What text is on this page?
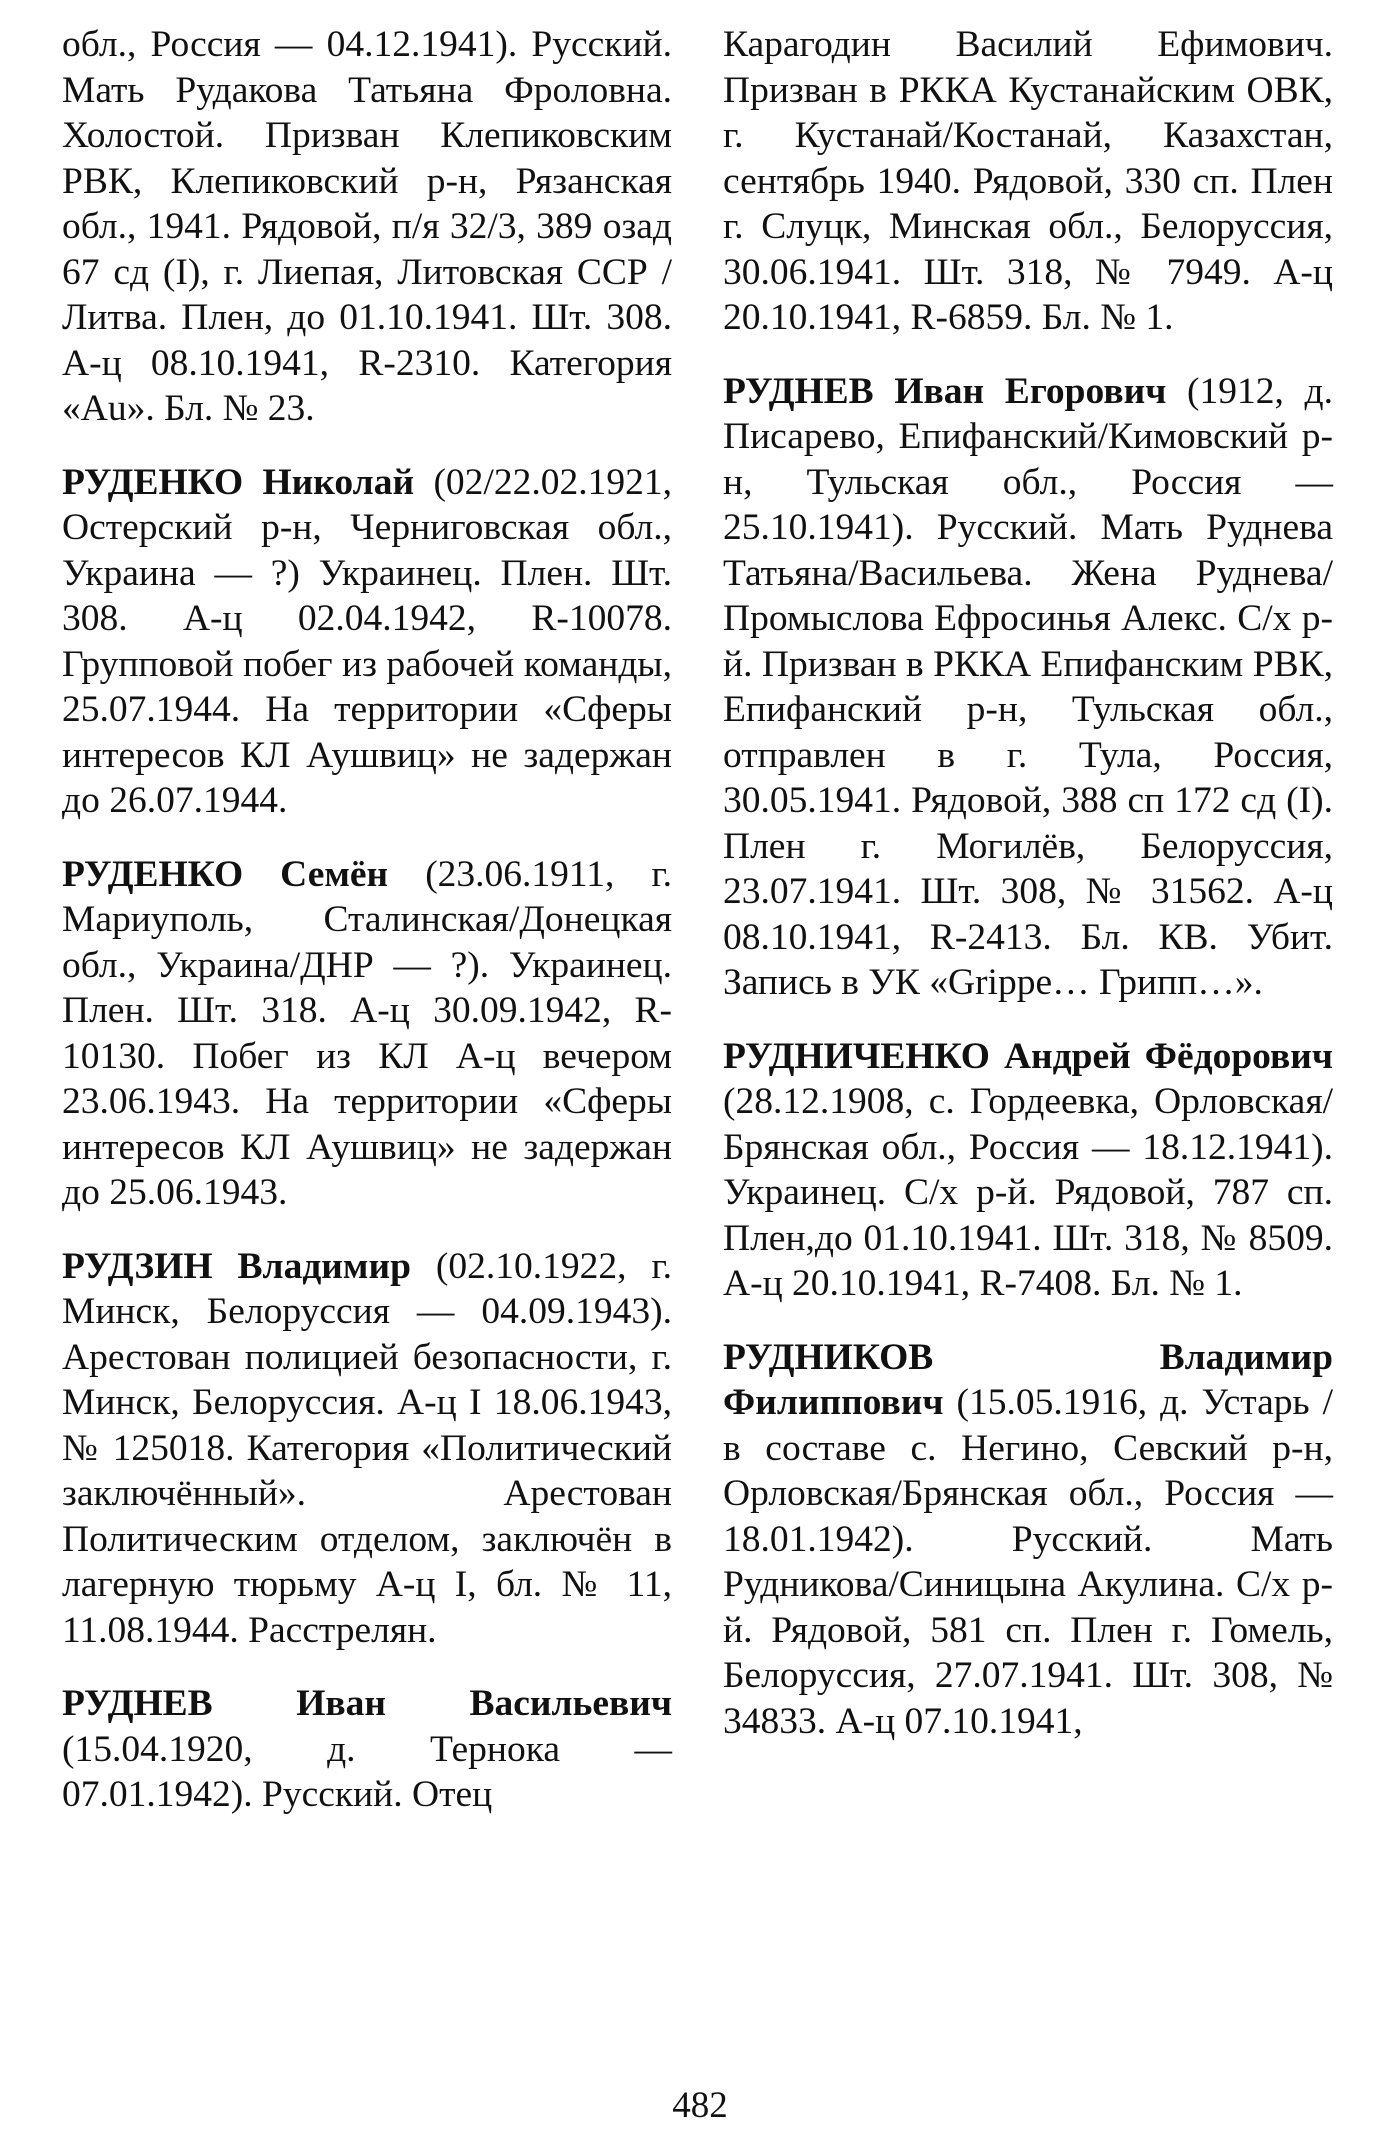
обл., Россия — 04.12.1941). Русский. Мать Рудакова Татьяна Фроловна. Холостой. Призван Клепиковским РВК, Клепиковский р-н, Рязанская обл., 1941. Рядовой, п/я 32/3, 389 озад 67 сд (I), г. Лиепая, Литовская ССР / Литва. Плен, до 01.10.1941. Шт. 308. А-ц 08.10.1941, R-2310. Категория «Au». Бл. № 23.

РУДЕНКО Николай (02/22.02.1921, Остерский р-н, Черниговская обл., Украина — ?) Украинец. Плен. Шт. 308. А-ц 02.04.1942, R-10078. Групповой побег из рабочей команды, 25.07.1944. На территории «Сферы интересов КЛ Аушвиц» не задержан до 26.07.1944.

РУДЕНКО Семён (23.06.1911, г. Мариуполь, Сталинская/Донецкая обл., Украина/ДНР — ?). Украинец. Плен. Шт. 318. А-ц 30.09.1942, R-10130. Побег из КЛ А-ц вечером 23.06.1943. На территории «Сферы интересов КЛ Аушвиц» не задержан до 25.06.1943.

РУДЗИН Владимир (02.10.1922, г. Минск, Белоруссия — 04.09.1943). Арестован полицией безопасности, г. Минск, Белоруссия. А-ц I 18.06.1943, № 125018. Категория «Политический заключённый». Арестован Политическим отделом, заключён в лагерную тюрьму А-ц I, бл. № 11, 11.08.1944. Расстрелян.

РУДНЕВ Иван Васильевич (15.04.1920, д. Тернока — 07.01.1942). Русский. Отец

Карагодин Василий Ефимович. Призван в РККА Кустанайским ОВК, г. Кустанай/Костанай, Казахстан, сентябрь 1940. Рядовой, 330 сп. Плен г. Слуцк, Минская обл., Белоруссия, 30.06.1941. Шт. 318, № 7949. А-ц 20.10.1941, R-6859. Бл. № 1.

РУДНЕВ Иван Егорович (1912, д. Писарево, Епифанский/Кимовский р-н, Тульская обл., Россия — 25.10.1941). Русский. Мать Руднева Татьяна/Васильева. Жена Руднева/Промыслова Ефросинья Алекс. С/х р-й. Призван в РККА Епифанским РВК, Епифанский р-н, Тульская обл., отправлен в г. Тула, Россия, 30.05.1941. Рядовой, 388 сп 172 сд (I). Плен г. Могилёв, Белоруссия, 23.07.1941. Шт. 308, № 31562. А-ц 08.10.1941, R-2413. Бл. КВ. Убит. Запись в УК «Grippe… Грипп…».

РУДНИЧЕНКО Андрей Фёдорович (28.12.1908, с. Гордеевка, Орловская/Брянская обл., Россия — 18.12.1941). Украинец. С/х р-й. Рядовой, 787 сп. Плен,до 01.10.1941. Шт. 318, № 8509. А-ц 20.10.1941, R-7408. Бл. № 1.

РУДНИКОВ Владимир Филиппович (15.05.1916, д. Устарь / в составе с. Негино, Севский р-н, Орловская/Брянская обл., Россия — 18.01.1942). Русский. Мать Рудникова/Синицына Акулина. С/х р-й. Рядовой, 581 сп. Плен г. Гомель, Белоруссия, 27.07.1941. Шт. 308, № 34833. А-ц 07.10.1941,

482
